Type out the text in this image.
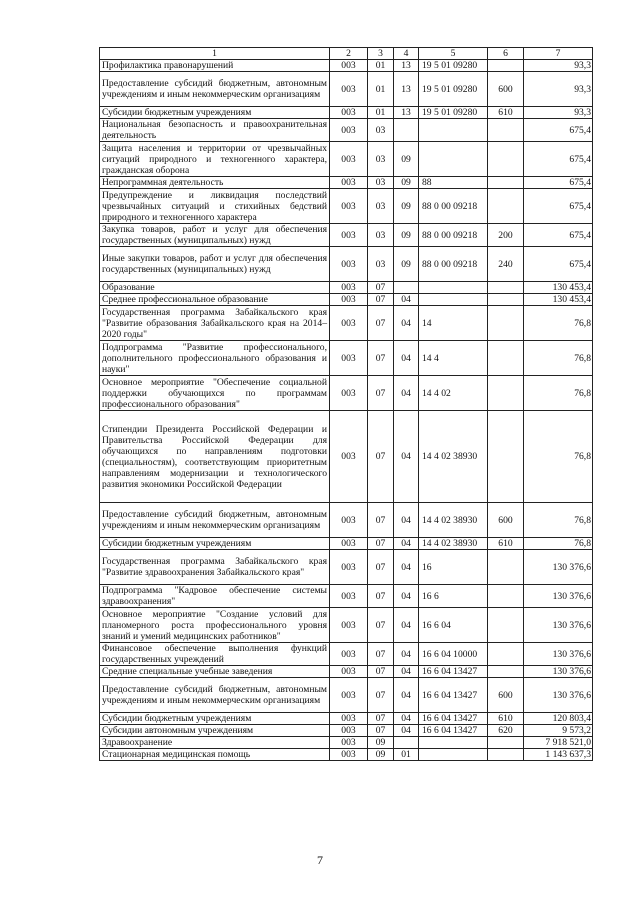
1	2	3	4	5	6	7
Профилактика правонарушений	003	01	13	19 5 01 09280		93,3
Предоставление субсидий бюджетным, автономным учреждениям и иным некоммерческим организациям	003	01	13	19 5 01 09280	600	93,3
Субсидии бюджетным учреждениям	003	01	13	19 5 01 09280	610	93,3
Национальная безопасность и правоохранительная деятельность	003	03				675,4
Защита населения и территории от чрезвычайных ситуаций природного и техногенного характера, гражданская оборона	003	03	09			675,4
Непрограммная деятельность	003	03	09	88		675,4
Предупреждение и ликвидация последствий чрезвычайных ситуаций и стихийных бедствий природного и техногенного характера	003	03	09	88 0 00 09218		675,4
Закупка товаров, работ и услуг для обеспечения государственных (муниципальных) нужд	003	03	09	88 0 00 09218	200	675,4
Иные закупки товаров, работ и услуг для обеспечения государственных (муниципальных) нужд	003	03	09	88 0 00 09218	240	675,4
Образование	003	07				130 453,4
Среднее профессиональное образование	003	07	04			130 453,4
Государственная программа Забайкальского края "Развитие образования Забайкальского края на 2014–2020 годы"	003	07	04	14		76,8
Подпрограмма "Развитие профессионального, дополнительного профессионального образования и науки"	003	07	04	14 4		76,8
Основное мероприятие "Обеспечение социальной поддержки обучающихся по программам профессионального образования"	003	07	04	14 4 02		76,8
Стипендии Президента Российской Федерации и Правительства Российской Федерации для обучающихся по направлениям подготовки (специальностям), соответствующим приоритетным направлениям модернизации и технологического развития экономики Российской Федерации	003	07	04	14 4 02 38930		76,8
Предоставление субсидий бюджетным, автономным учреждениям и иным некоммерческим организациям	003	07	04	14 4 02 38930	600	76,8
Субсидии бюджетным учреждениям	003	07	04	14 4 02 38930	610	76,8
Государственная программа Забайкальского края "Развитие здравоохранения Забайкальского края"	003	07	04	16		130 376,6
Подпрограмма "Кадровое обеспечение системы здравоохранения"	003	07	04	16 6		130 376,6
Основное мероприятие "Создание условий для планомерного роста профессионального уровня знаний и умений медицинских работников"	003	07	04	16 6 04		130 376,6
Финансовое обеспечение выполнения функций государственных учреждений	003	07	04	16 6 04 10000		130 376,6
Средние специальные учебные заведения	003	07	04	16 6 04 13427		130 376,6
Предоставление субсидий бюджетным, автономным учреждениям и иным некоммерческим организациям	003	07	04	16 6 04 13427	600	130 376,6
Субсидии бюджетным учреждениям	003	07	04	16 6 04 13427	610	120 803,4
Субсидии автономным учреждениям	003	07	04	16 6 04 13427	620	9 573,2
Здравоохранение	003	09				7 918 521,0
Стационарная медицинская помощь	003	09	01			1 143 637,3
7
